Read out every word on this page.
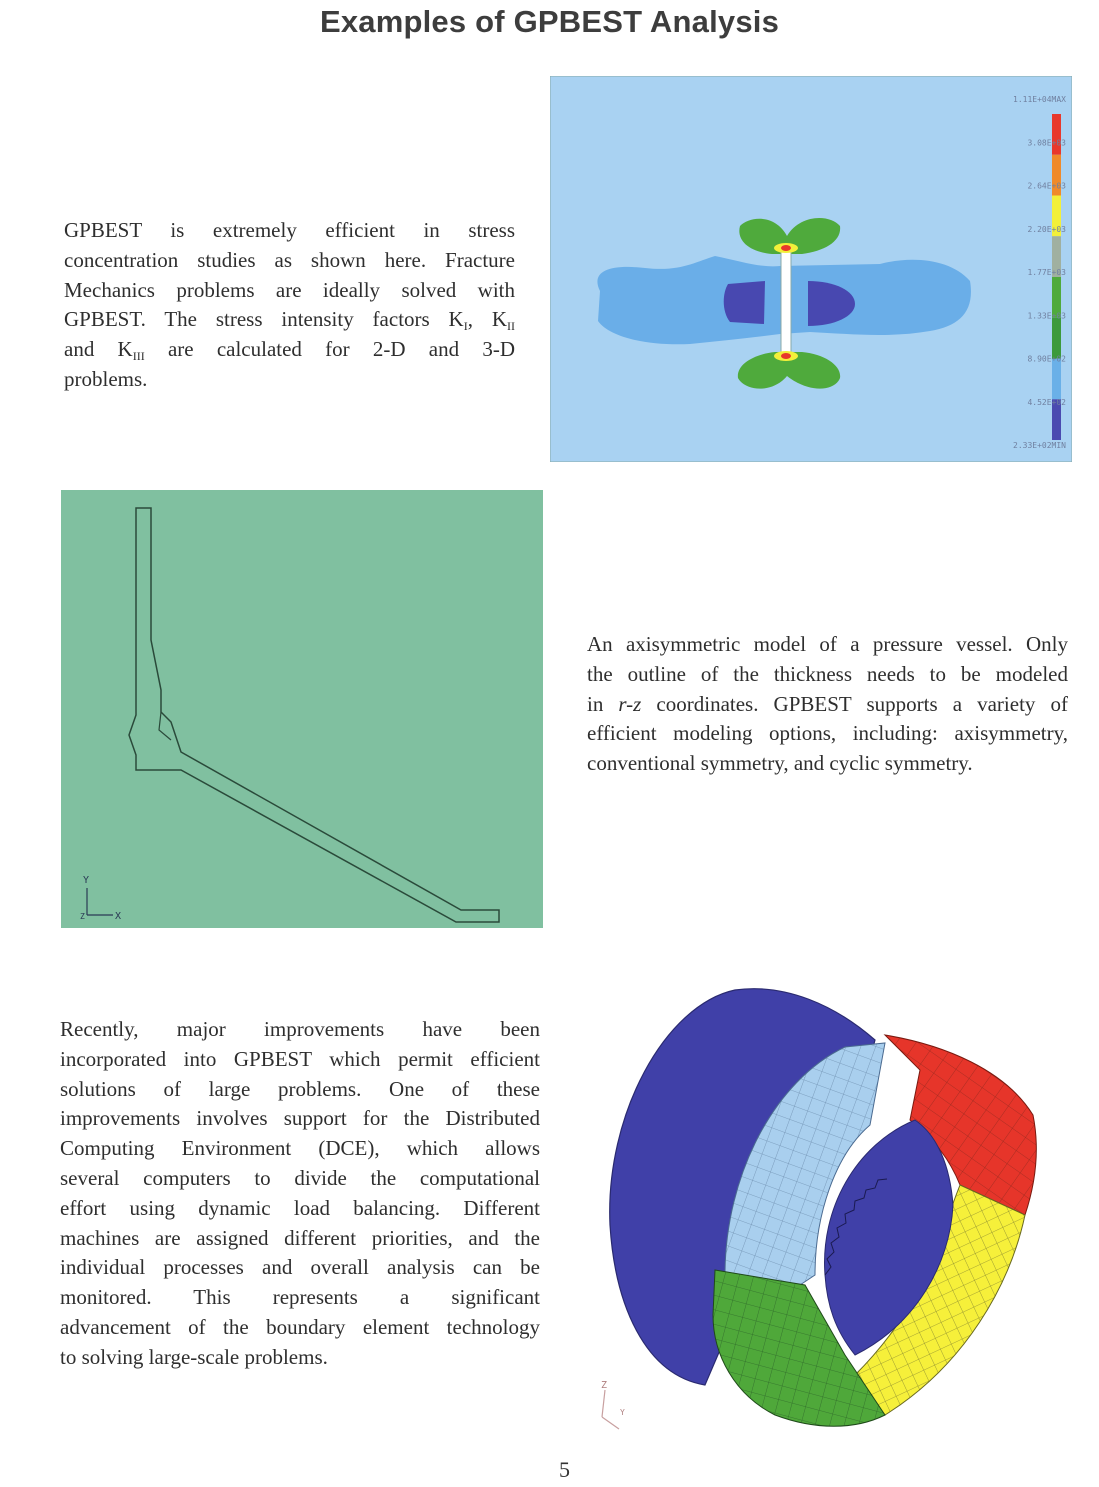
Examples of GPBEST Analysis
GPBEST is extremely efficient in stress
concentration studies as shown here. Fracture
Mechanics problems are ideally solved with
GPBEST. The stress intensity factors $K_I$, $K_{II}$
and $K_{III}$ are calculated for 2-D and 3-D
problems.
1.11E+04MAX
3.08E+03
2.64E+03
2.20E+03
1.77E+03
1.33E+03
8.90E+02
4.52E+02
2.33E+02MIN
Y
X
Z
An axisymmetric model of a pressure vessel. Only
the outline of the thickness needs to be modeled
in r-z coordinates. GPBEST supports a variety of
efficient modeling options, including: axisymmetry,
conventional symmetry, and cyclic symmetry.
Recently, major improvements have been
incorporated into GPBEST which permit efficient
solutions of large problems. One of these
improvements involves support for the Distributed
Computing Environment (DCE), which allows
several computers to divide the computational
effort using dynamic load balancing. Different
machines are assigned different priorities, and the
individual processes and overall analysis can be
monitored. This represents a significant
advancement of the boundary element technology
to solving large-scale problems.
Z
Y
5
